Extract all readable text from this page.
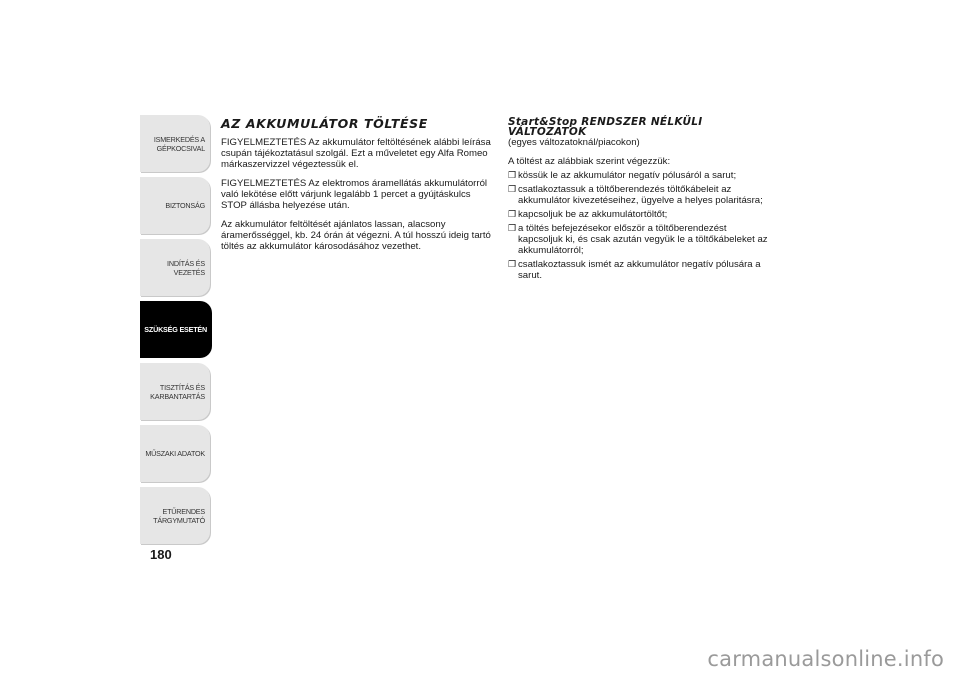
ISMERKEDÉS A
GÉPKOCSIVAL
BIZTONSÁG
INDÍTÁS ÉS VEZETÉS
SZÜKSÉG ESETÉN
TISZTÍTÁS ÉS
KARBANTARTÁS
MŰSZAKI ADATOK
ETŰRENDES
TÁRGYMUTATÓ
180
AZ AKKUMULÁTOR TÖLTÉSE

FIGYELMEZTETÉS Az akkumulátor feltöltésének alábbi leírása csupán tájékoztatásul szolgál. Ezt a műveletet egy Alfa Romeo márkaszervizzel végeztessük el.

FIGYELMEZTETÉS Az elektromos áramellátás akkumulátorról való lekötése előtt várjunk legalább 1 percet a gyújtáskulcs STOP állásba helyezése után.

Az akkumulátor feltöltését ajánlatos lassan, alacsony áramerősséggel, kb. 24 órán át végezni. A túl hosszú ideig tartó töltés az akkumulátor károsodásához vezethet.

Start&Stop RENDSZER NÉLKÜLI
VÁLTOZATOK
(egyes változatoknál/piacokon)

A töltést az alábbiak szerint végezzük:

❒ kössük le az akkumulátor negatív pólusáról a sarut;
❒ csatlakoztassuk a töltőberendezés töltőkábeleit az akkumulátor kivezetéseihez, ügyelve a helyes polaritásra;
❒ kapcsoljuk be az akkumulátortöltőt;
❒ a töltés befejezésekor először a töltőberendezést kapcsoljuk ki, és csak azután vegyük le a töltőkábeleket az akkumulátorról;
❒ csatlakoztassuk ismét az akkumulátor negatív pólusára a sarut.
carmanualsonline.info
